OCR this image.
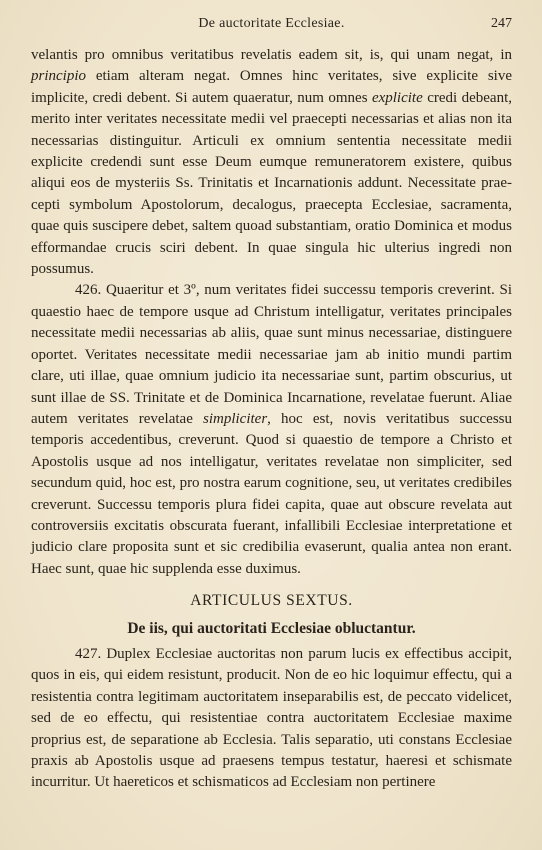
De auctoritate Ecclesiae.	247

velantis pro omnibus veritatibus revelatis eadem sit, is, qui unam negat, in principio etiam alteram negat. Omnes hinc veritates, sive explicite sive implicite, credi debent. Si autem quaeratur, num omnes explicite credi debeant, merito inter veritates necessitate medii vel praecepti necessarias et alias non ita necessarias distinguitur. Articuli ex omnium sententia necessitate medii explicite credendi sunt esse Deum eumque remuneratorem existere, quibus aliqui eos de mysteriis Ss. Trinitatis et Incarnationis addunt. Necessitate praecepti symbolum Apostolorum, decalogus, praecepta Ecclesiae, sacramenta, quae quis suscipere debet, saltem quoad substantiam, oratio Dominica et modus efformandae crucis sciri debent. In quae singula hic ulterius ingredi non possumus.

426. Quaeritur et 3º, num veritates fidei successu temporis creverint. Si quaestio haec de tempore usque ad Christum intelligatur, veritates principales necessitate medii necessarias ab aliis, quae sunt minus necessariae, distinguere oportet. Veritates necessitate medii necessariae jam ab initio mundi partim clare, uti illae, quae omnium judicio ita necessariae sunt, partim obscurius, ut sunt illae de SS. Trinitate et de Dominica Incarnatione, revelatae fuerunt. Aliae autem veritates revelatae simpliciter, hoc est, novis veritatibus successu temporis accedentibus, creverunt. Quod si quaestio de tempore a Christo et Apostolis usque ad nos intelligatur, veritates revelatae non simpliciter, sed secundum quid, hoc est, pro nostra earum cognitione, seu, ut veritates credibiles creverunt. Successu temporis plura fidei capita, quae aut obscure revelata aut controversiis excitatis obscurata fuerant, infallibili Ecclesiae interpretatione et judicio clare proposita sunt et sic credibilia evaserunt, qualia antea non erant. Haec sunt, quae hic supplenda esse duximus.

ARTICULUS SEXTUS.
De iis, qui auctoritati Ecclesiae obluctantur.

427. Duplex Ecclesiae auctoritas non parum lucis ex effectibus accipit, quos in eis, qui eidem resistunt, producit. Non de eo hic loquimur effectu, qui a resistentia contra legitimam auctoritatem inseparabilis est, de peccato videlicet, sed de eo effectu, qui resistentiae contra auctoritatem Ecclesiae maxime proprius est, de separatione ab Ecclesia. Talis separatio, uti constans Ecclesiae praxis ab Apostolis usque ad praesens tempus testatur, haeresi et schismate incurritur. Ut haereticos et schismaticos ad Ecclesiam non pertinere
